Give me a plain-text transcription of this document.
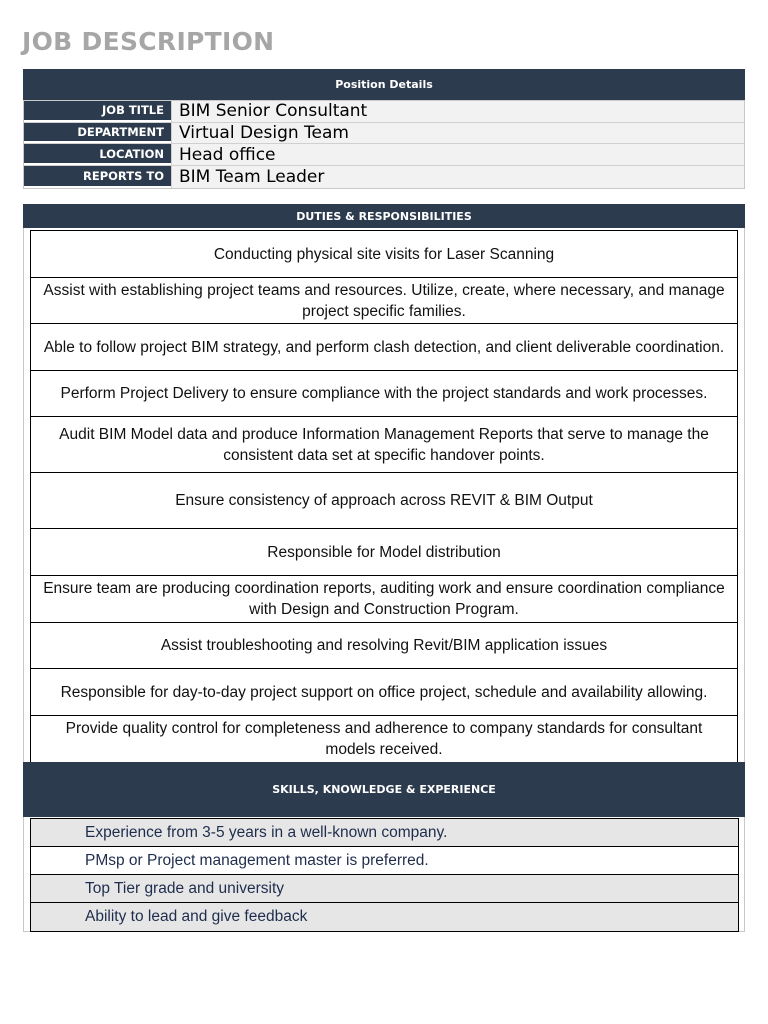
JOB DESCRIPTION
Position Details
JOB TITLE BIM Senior Consultant
DEPARTMENT Virtual Design Team
LOCATION Head office
REPORTS TO BIM Team Leader
DUTIES & RESPONSIBILITIES
Conducting physical site visits for Laser Scanning
Assist with establishing project teams and resources. Utilize, create, where necessary, and manage project specific families.
Able to follow project BIM strategy, and perform clash detection, and client deliverable coordination.
Perform Project Delivery to ensure compliance with the project standards and work processes.
Audit BIM Model data and produce Information Management Reports that serve to manage the consistent data set at specific handover points.
Ensure consistency of approach across REVIT & BIM Output
Responsible for Model distribution
Ensure team are producing coordination reports, auditing work and ensure coordination compliance with Design and Construction Program.
Assist troubleshooting and resolving Revit/BIM application issues
Responsible for day-to-day project support on office project, schedule and availability allowing.
Provide quality control for completeness and adherence to company standards for consultant models received.
SKILLS, KNOWLEDGE & EXPERIENCE
Experience from 3-5 years in a well-known company.
PMsp or Project management master is preferred.
Top Tier grade and university
Ability to lead and give feedback
